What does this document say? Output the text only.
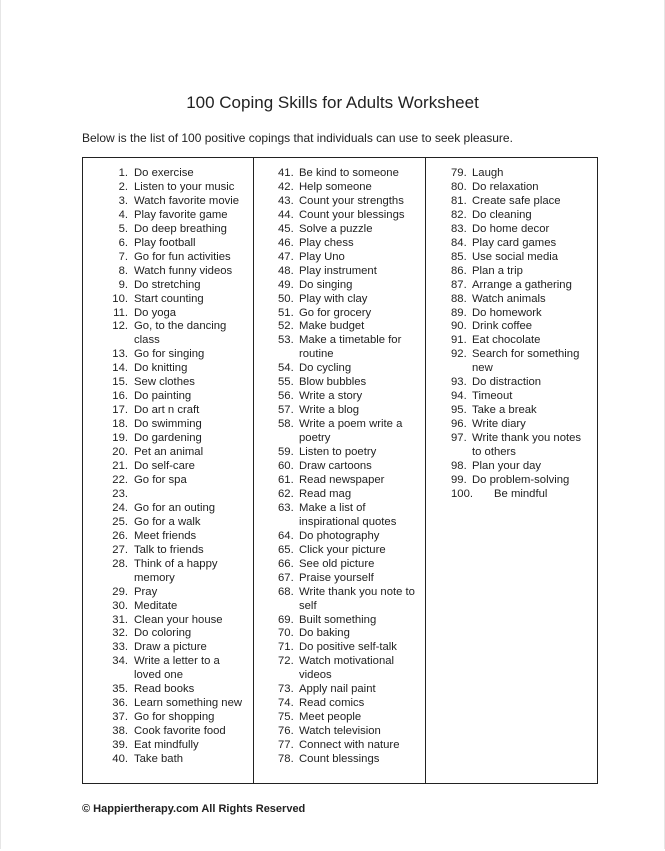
100 Coping Skills for Adults Worksheet
Below is the list of 100 positive copings that individuals can use to seek pleasure.
1. Do exercise
2. Listen to your music
3. Watch favorite movie
4. Play favorite game
5. Do deep breathing
6. Play football
7. Go for fun activities
8. Watch funny videos
9. Do stretching
10. Start counting
11. Do yoga
12. Go, to the dancing class
13. Go for singing
14. Do knitting
15. Sew clothes
16. Do painting
17. Do art n craft
18. Do swimming
19. Do gardening
20. Pet an animal
21. Do self-care
22. Go for spa
23.
24. Go for an outing
25. Go for a walk
26. Meet friends
27. Talk to friends
28. Think of a happy memory
29. Pray
30. Meditate
31. Clean your house
32. Do coloring
33. Draw a picture
34. Write a letter to a loved one
35. Read books
36. Learn something new
37. Go for shopping
38. Cook favorite food
39. Eat mindfully
40. Take bath
41. Be kind to someone
42. Help someone
43. Count your strengths
44. Count your blessings
45. Solve a puzzle
46. Play chess
47. Play Uno
48. Play instrument
49. Do singing
50. Play with clay
51. Go for grocery
52. Make budget
53. Make a timetable for routine
54. Do cycling
55. Blow bubbles
56. Write a story
57. Write a blog
58. Write a poem write a poetry
59. Listen to poetry
60. Draw cartoons
61. Read newspaper
62. Read mag
63. Make a list of inspirational quotes
64. Do photography
65. Click your picture
66. See old picture
67. Praise yourself
68. Write thank you note to self
69. Built something
70. Do baking
71. Do positive self-talk
72. Watch motivational videos
73. Apply nail paint
74. Read comics
75. Meet people
76. Watch television
77. Connect with nature
78. Count blessings
79. Laugh
80. Do relaxation
81. Create safe place
82. Do cleaning
83. Do home decor
84. Play card games
85. Use social media
86. Plan a trip
87. Arrange a gathering
88. Watch animals
89. Do homework
90. Drink coffee
91. Eat chocolate
92. Search for something new
93. Do distraction
94. Timeout
95. Take a break
96. Write diary
97. Write thank you notes to others
98. Plan your day
99. Do problem-solving
100.	Be mindful
© Happiertherapy.com All Rights Reserved
